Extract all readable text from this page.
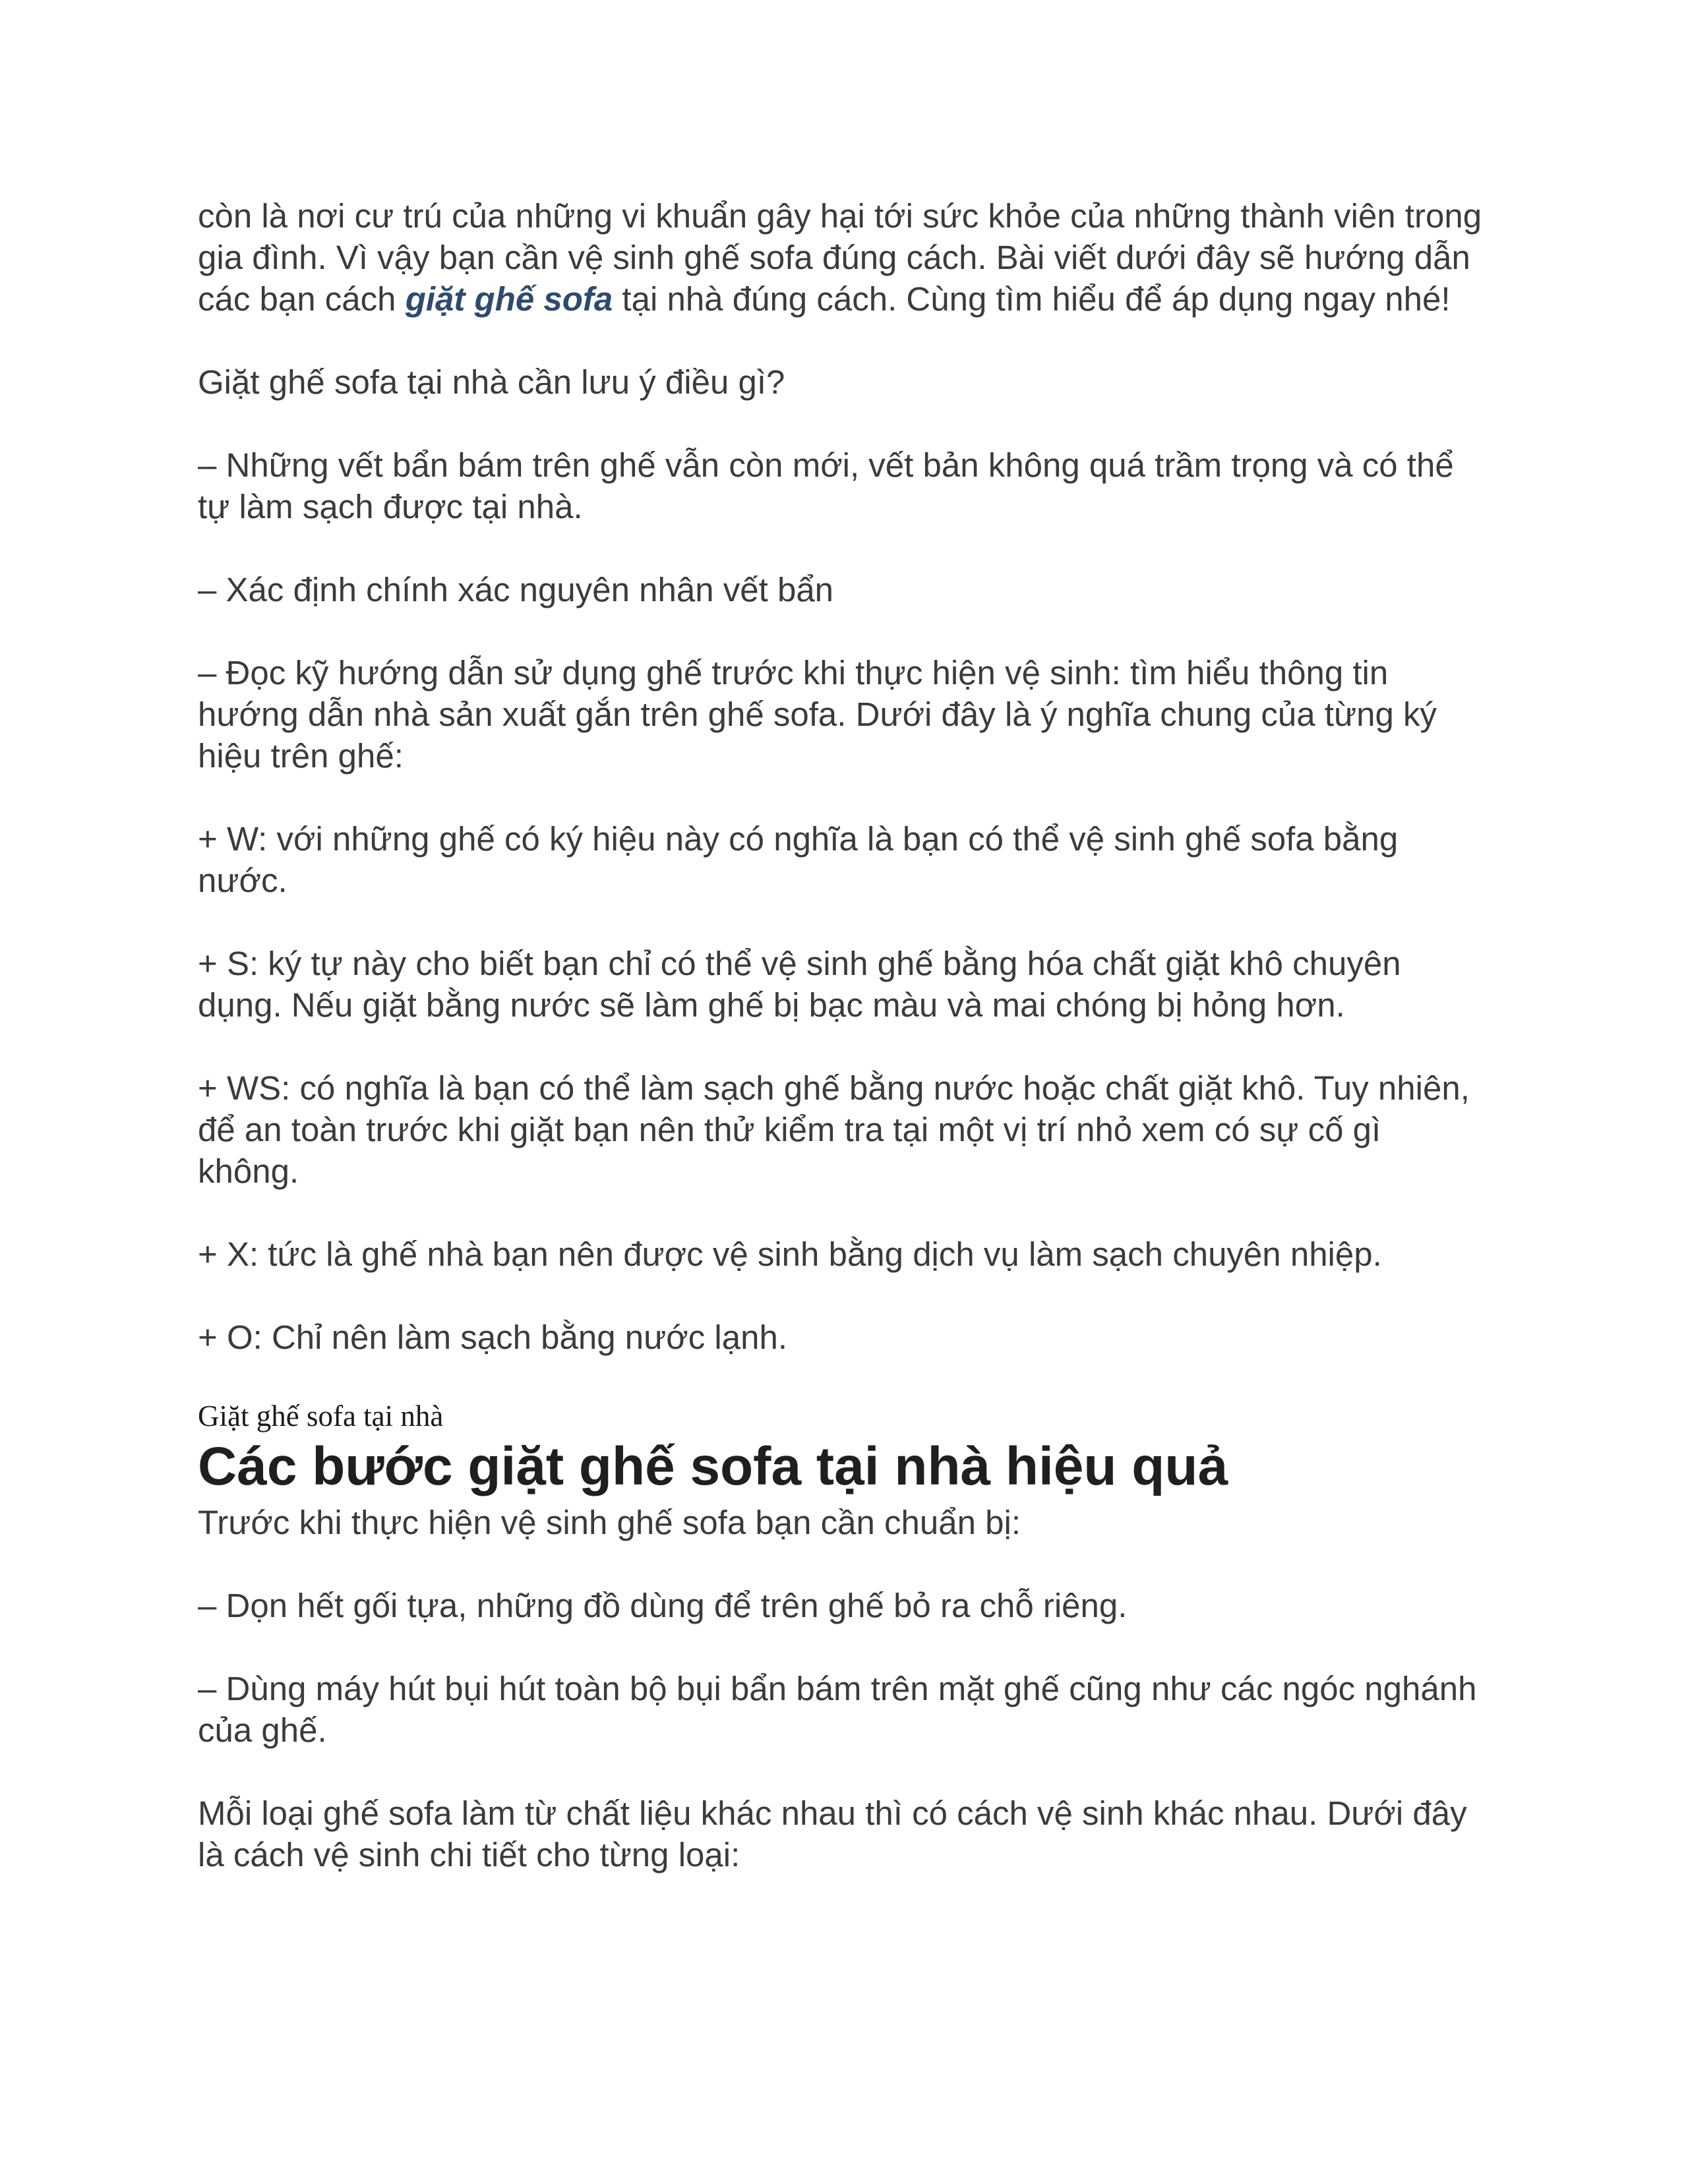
còn là nơi cư trú của những vi khuẩn gây hại tới sức khỏe của những thành viên trong gia đình. Vì vậy bạn cần vệ sinh ghế sofa đúng cách. Bài viết dưới đây sẽ hướng dẫn các bạn cách giặt ghế sofa tại nhà đúng cách. Cùng tìm hiểu để áp dụng ngay nhé!

Giặt ghế sofa tại nhà cần lưu ý điều gì?

– Những vết bẩn bám trên ghế vẫn còn mới, vết bản không quá trầm trọng và có thể tự làm sạch được tại nhà.

– Xác định chính xác nguyên nhân vết bẩn

– Đọc kỹ hướng dẫn sử dụng ghế trước khi thực hiện vệ sinh: tìm hiểu thông tin hướng dẫn nhà sản xuất gắn trên ghế sofa. Dưới đây là ý nghĩa chung của từng ký hiệu trên ghế:

+ W: với những ghế có ký hiệu này có nghĩa là bạn có thể vệ sinh ghế sofa bằng nước.

+ S: ký tự này cho biết bạn chỉ có thể vệ sinh ghế bằng hóa chất giặt khô chuyên dụng. Nếu giặt bằng nước sẽ làm ghế bị bạc màu và mai chóng bị hỏng hơn.

+ WS: có nghĩa là bạn có thể làm sạch ghế bằng nước hoặc chất giặt khô. Tuy nhiên, để an toàn trước khi giặt bạn nên thử kiểm tra tại một vị trí nhỏ xem có sự cố gì không.

+ X: tức là ghế nhà bạn nên được vệ sinh bằng dịch vụ làm sạch chuyên nhiệp.

+ O: Chỉ nên làm sạch bằng nước lạnh.

Giặt ghế sofa tại nhà

Các bước giặt ghế sofa tại nhà hiệu quả

Trước khi thực hiện vệ sinh ghế sofa bạn cần chuẩn bị:

– Dọn hết gối tựa, những đồ dùng để trên ghế bỏ ra chỗ riêng.

– Dùng máy hút bụi hút toàn bộ bụi bẩn bám trên mặt ghế cũng như các ngóc nghánh của ghế.

Mỗi loại ghế sofa làm từ chất liệu khác nhau thì có cách vệ sinh khác nhau. Dưới đây là cách vệ sinh chi tiết cho từng loại:
